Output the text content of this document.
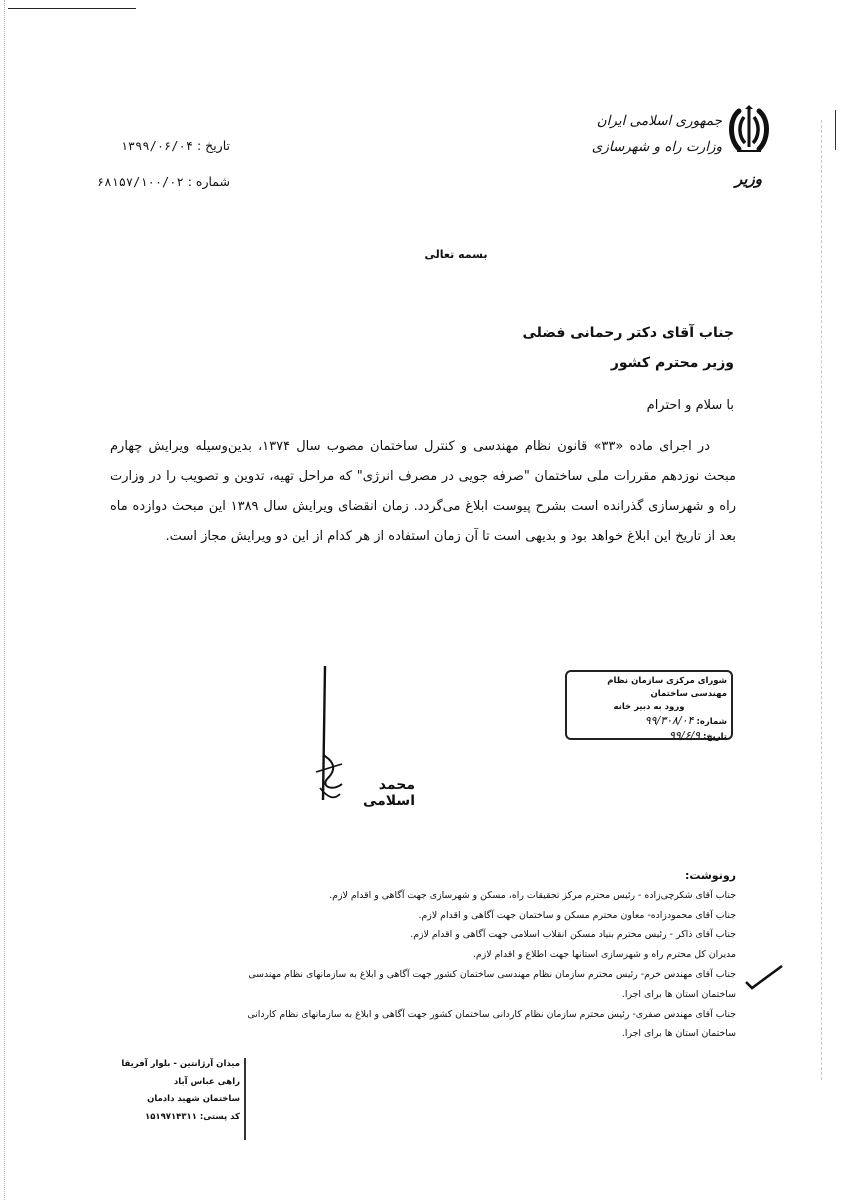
وزیر
جمهوری اسلامی ایران
وزارت راه و شهرسازی
تاریخ : ۱۳۹۹/۰۶/۰۴
شماره : ۶۸۱۵۷/۱۰۰/۰۲
بسمه تعالی
جناب آقای دکتر رحمانی فضلی
وزیر محترم کشور
با سلام و احترام
در اجرای ماده «۳۳» قانون نظام مهندسی و کنترل ساختمان مصوب سال ۱۳۷۴، بدین‌وسیله ویرایش چهارم مبحث نوزدهم مقررات ملی ساختمان "صرفه جویی در مصرف انرژی" که مراحل تهیه، تدوین و تصویب را در وزارت راه و شهرسازی گذرانده است بشرح پیوست ابلاغ می‌گردد. زمان انقضای ویرایش سال ۱۳۸۹ این مبحث دوازده ماه بعد از تاریخ این ابلاغ خواهد بود و بدیهی است تا آن زمان استفاده از هر کدام از این دو ویرایش مجاز است.
شورای مرکزی سازمان نظام مهندسی ساختمان
ورود به دبیر خانه
شماره: ۹۹/۳۰۸/۰۴
تاریخ: ۹۹/۶/۹
محمد اسلامی
رونوشت:
جناب آقای شکرچی‌زاده - رئیس محترم مرکز تحقیقات راه، مسکن و شهرسازی جهت آگاهی و اقدام لازم.
جناب آقای محمودزاده- معاون محترم مسکن و ساختمان جهت آگاهی و اقدام لازم.
جناب آقای ذاکر - رئیس محترم بنیاد مسکن انقلاب اسلامی جهت آگاهی و اقدام لازم.
مدیران کل محترم راه و شهرسازی استانها جهت اطلاع و اقدام لازم.
جناب آقای مهندس خرم- رئیس محترم سازمان نظام مهندسی ساختمان کشور جهت آگاهی و ابلاغ به سازمانهای نظام مهندسی ساختمان استان ها برای اجرا.
جناب آقای مهندس صفری- رئیس محترم سازمان نظام کاردانی ساختمان کشور جهت آگاهی و ابلاغ به سازمانهای نظام کاردانی ساختمان استان ها برای اجرا.
میدان آرژانتین - بلوار آفریقا
راهی عباس آباد
ساختمان شهید دادمان
کد پستی: ۱۵۱۹۷۱۴۳۱۱
